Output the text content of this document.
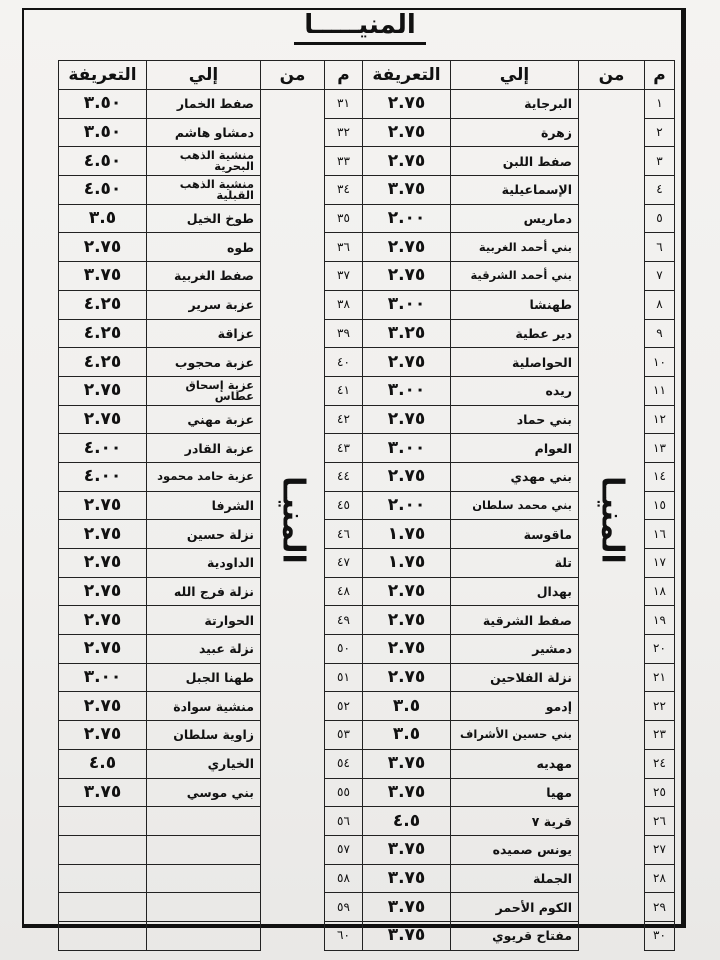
المنيـــــا
م	من	إلي	التعريفة
١	المنيـا	البرجاية	٢.٧٥
٢		زهرة	٢.٧٥
٣		صفط اللبن	٢.٧٥
٤		الإسماعيلية	٣.٧٥
٥		دماريس	٢.٠٠
٦		بني أحمد الغربية	٢.٧٥
٧		بني أحمد الشرقية	٢.٧٥
٨		طهنشا	٣.٠٠
٩		دير عطية	٣.٢٥
١٠		الحواصلية	٢.٧٥
١١		ريده	٣.٠٠
١٢		بني حماد	٢.٧٥
١٣		العوام	٣.٠٠
١٤		بني مهدي	٢.٧٥
١٥		بني محمد سلطان	٢.٠٠
١٦		ماقوسة	١.٧٥
١٧		تلة	١.٧٥
١٨		بهدال	٢.٧٥
١٩		صفط الشرقية	٢.٧٥
٢٠		دمشير	٢.٧٥
٢١		نزلة الفلاحين	٢.٧٥
٢٢		إدمو	٣.٥
٢٣		بني حسين الأشراف	٣.٥
٢٤		مهديه	٣.٧٥
٢٥		مهيا	٣.٧٥
٢٦		قرية ٧	٤.٥
٢٧		يونس صميده	٣.٧٥
٢٨		الجملة	٣.٧٥
٢٩		الكوم الأحمر	٣.٧٥
٣٠		مفتاح قريوي	٣.٧٥
م	من	إلي	التعريفة
٣١	المنيـا	صفط الخمار	٣.٥٠
٣٢		دمشاو هاشم	٣.٥٠
٣٣		منشية الذهب البحرية	٤.٥٠
٣٤		منشية الذهب القبلية	٤.٥٠
٣٥		طوخ الخيل	٣.٥
٣٦		طوه	٢.٧٥
٣٧		صفط الغربية	٣.٧٥
٣٨		عزبة سرير	٤.٢٥
٣٩		عزاقة	٤.٢٥
٤٠		عزبة محجوب	٤.٢٥
٤١		عزبة إسحاق عطاس	٢.٧٥
٤٢		عزبة مهني	٢.٧٥
٤٣		عزبة القادر	٤.٠٠
٤٤		عزبة حامد محمود	٤.٠٠
٤٥		الشرفا	٢.٧٥
٤٦		نزلة حسين	٢.٧٥
٤٧		الداودية	٢.٧٥
٤٨		نزلة فرج الله	٢.٧٥
٤٩		الحوارتة	٢.٧٥
٥٠		نزلة عبيد	٢.٧٥
٥١		طهنا الجبل	٣.٠٠
٥٢		منشية سوادة	٢.٧٥
٥٣		زاوية سلطان	٢.٧٥
٥٤		الخياري	٤.٥
٥٥		بني موسي	٣.٧٥
٥٦			
٥٧			
٥٨			
٥٩			
٦٠			
